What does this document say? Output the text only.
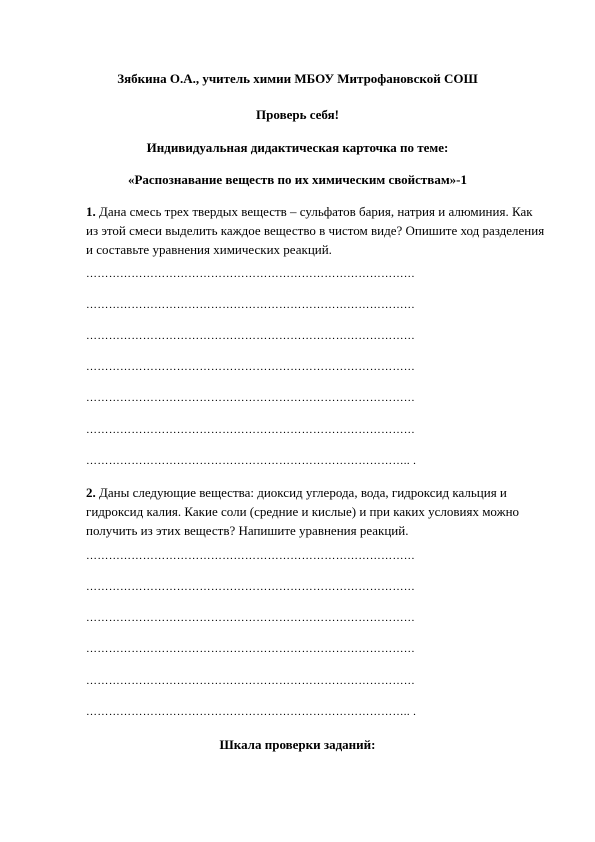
Зябкина О.А., учитель химии МБОУ Митрофановской СОШ
Проверь себя!
Индивидуальная дидактическая карточка по теме:
«Распознавание веществ по их химическим свойствам»-1
1. Дана смесь трех твердых веществ – сульфатов бария, натрия и алюминия. Как из этой смеси выделить каждое вещество в чистом виде? Опишите ход разделения и составьте уравнения химических реакций.
……………………………………………………………………………
……………………………………………………………………………
……………………………………………………………………………
……………………………………………………………………………
……………………………………………………………………………
……………………………………………………………………………
………………………………………………………………………….. .
2. Даны следующие вещества: диоксид углерода, вода, гидроксид кальция и гидроксид калия. Какие соли (средние и кислые) и при каких условиях можно получить из этих веществ? Напишите уравнения реакций.
……………………………………………………………………………
……………………………………………………………………………
……………………………………………………………………………
……………………………………………………………………………
……………………………………………………………………………
………………………………………………………………………….. .
Шкала проверки заданий:
